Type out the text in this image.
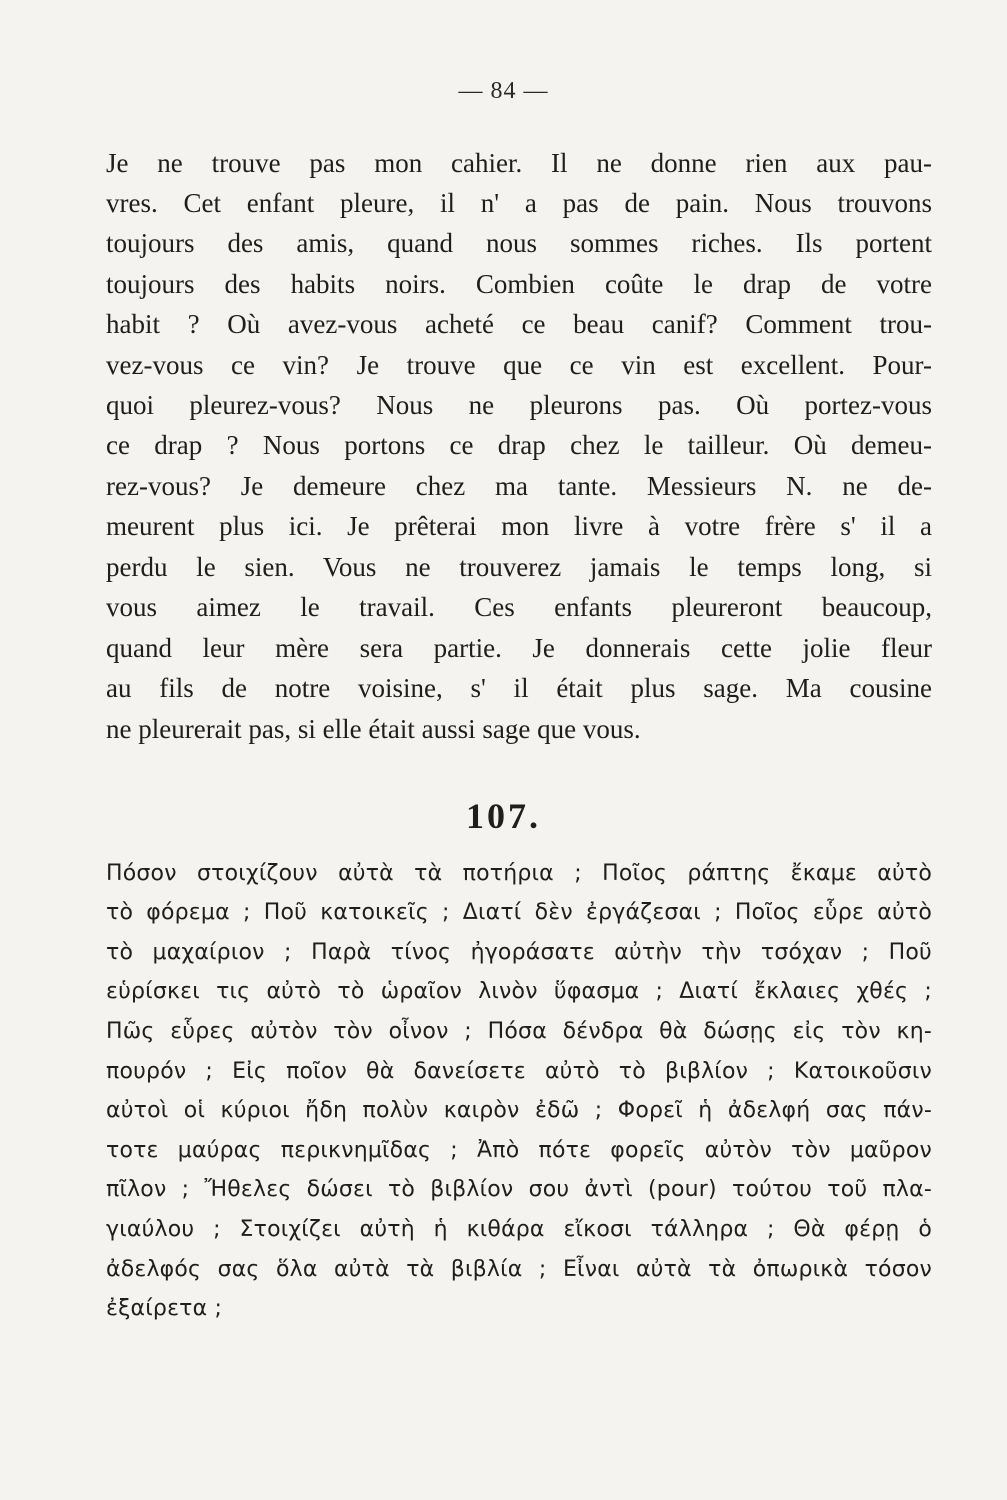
— 84 —
Je ne trouve pas mon cahier. Il ne donne rien aux pau-
vres. Cet enfant pleure, il n' a pas de pain. Nous trouvons
toujours des amis, quand nous sommes riches. Ils portent
toujours des habits noirs. Combien coûte le drap de votre
habit ? Où avez-vous acheté ce beau canif? Comment trou-
vez-vous ce vin? Je trouve que ce vin est excellent. Pour-
quoi pleurez-vous? Nous ne pleurons pas. Où portez-vous
ce drap ? Nous portons ce drap chez le tailleur. Où demeu-
rez-vous? Je demeure chez ma tante. Messieurs N. ne de-
meurent plus ici. Je prêterai mon livre à votre frère s' il a
perdu le sien. Vous ne trouverez jamais le temps long, si
vous aimez le travail. Ces enfants pleureront beaucoup,
quand leur mère sera partie. Je donnerais cette jolie fleur
au fils de notre voisine, s' il était plus sage. Ma cousine
ne pleurerait pas, si elle était aussi sage que vous.
107.
Πόσον στοιχίζουν αὐτὰ τὰ ποτήρια ; Ποῖος ράπτης ἔκαμε αὐτὸ
τὸ φόρεμα ; Ποῦ κατοικεῖς ; Διατί δὲν ἐργάζεσαι ; Ποῖος εὗρε αὐτὸ
τὸ μαχαίριον ; Παρὰ τίνος ἠγοράσατε αὐτὴν τὴν τσόχαν ; Ποῦ
εὑρίσκει τις αὐτὸ τὸ ὡραῖον λινὸν ὕφασμα ; Διατί ἔκλαιες χθές ;
Πῶς εὗρες αὐτὸν τὸν οἶνον ; Πόσα δένδρα θὰ δώσῃς εἰς τὸν κη-
πουρόν ; Εἰς ποῖον θὰ δανείσετε αὐτὸ τὸ βιβλίον ; Κατοικοῦσιν
αὐτοὶ οἱ κύριοι ἤδη πολὺν καιρὸν ἐδῶ ; Φορεῖ ἡ ἀδελφή σας πάν-
τοτε μαύρας περικνημῖδας ; Ἀπὸ πότε φορεῖς αὐτὸν τὸν μαῦρον
πῖλον ; Ἤθελες δώσει τὸ βιβλίον σου ἀντὶ (pour) τούτου τοῦ πλα-
γιαύλου ; Στοιχίζει αὐτὴ ἡ κιθάρα εἴκοσι τάλληρα ; Θὰ φέρῃ ὁ
ἀδελφός σας ὅλα αὐτὰ τὰ βιβλία ; Εἶναι αὐτὰ τὰ ὀπωρικὰ τόσον
ἐξαίρετα ;
